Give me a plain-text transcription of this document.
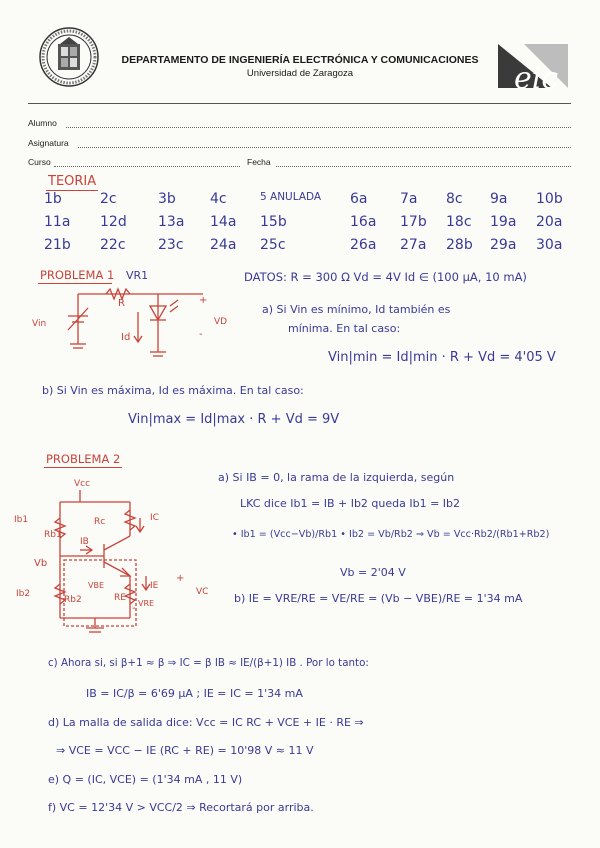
DEPARTAMENTO DE INGENIERÍA ELECTRÓNICA Y COMUNICACIONES
Universidad de Zaragoza	eic
Alumno
Asignatura
Curso	Fecha
TEORIA
1b	2c	3b 4c	5 ANULADA 6a 7a 8c 9a 10b
11a 12d 13a 14a 15b	16a 17b 18c 19a 20a
21b 22c 23c 24a 25c	26a 27a 28b 29a 30a
PROBLEMA 1 VR1
Vin
R
Id
VD
+
-
DATOS: R = 300 Ω Vd = 4V Id ∈ (100 μA, 10 mA)
a) Si Vin es mínimo, Id también es
mínima. En tal caso:
Vin|min = Id|min · R + Vd = 4'05 V
b) Si Vin es máxima, Id es máxima. En tal caso:
Vin|max = Id|max · R + Vd = 9V
PROBLEMA 2
Vcc
Ib1
Rb1
Rc	IC
IB
Vb
VBE	IE
Ib2
Rb2	RE
VRE
VC
+
-
a) Si IB = 0, la rama de la izquierda, según
LKC dice Ib1 = IB + Ib2 queda Ib1 = Ib2
• Ib1 = (Vcc−Vb)/Rb1 • Ib2 = Vb/Rb2 ⇒ Vb = Vcc·Rb2/(Rb1+Rb2)
Vb = 2'04 V
b) IE = VRE/RE = VE/RE = (Vb − VBE)/RE = 1'34 mA
c) Ahora si, si β+1 ≈ β ⇒ IC = β IB ≈ IE/(β+1) IB . Por lo tanto:
IB = IC/β = 6'69 μA ; IE = IC = 1'34 mA
d) La malla de salida dice: Vcc = IC RC + VCE + IE · RE ⇒
⇒ VCE = VCC − IE (RC + RE) = 10'98 V ≈ 11 V
e) Q = (IC, VCE) = (1'34 mA , 11 V)
f) VC = 12'34 V > VCC/2 ⇒ Recortará por arriba.
